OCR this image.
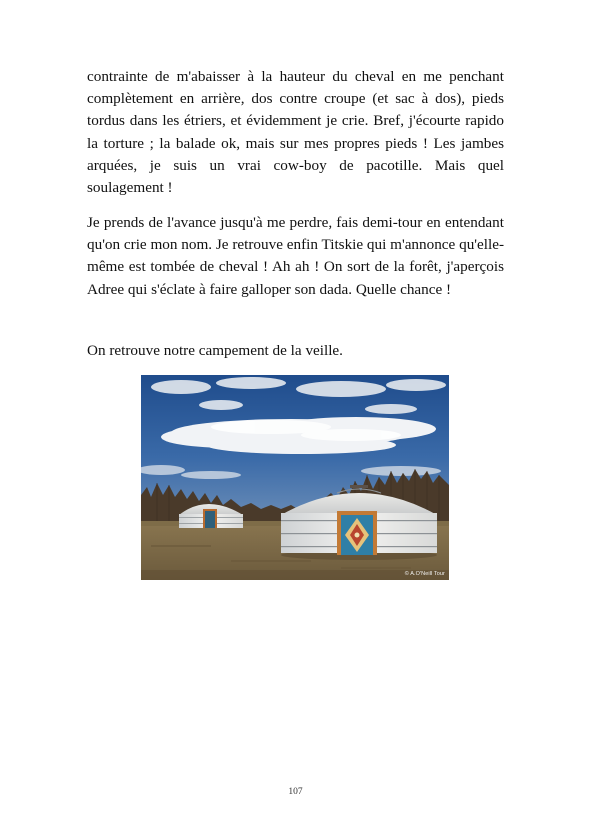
contrainte de m'abaisser à la hauteur du cheval en me penchant complètement en arrière, dos contre croupe (et sac à dos), pieds tordus dans les étriers, et évidemment je crie. Bref, j'écourte rapido la torture ; la balade ok, mais sur mes propres pieds ! Les jambes arquées, je suis un vrai cow-boy de pacotille. Mais quel soulagement !

Je prends de l'avance jusqu'à me perdre, fais demi-tour en entendant qu'on crie mon nom. Je retrouve enfin Titskie qui m'annonce qu'elle-même est tombée de cheval ! Ah ah ! On sort de la forêt, j'aperçois Adree qui s'éclate à faire galloper son dada. Quelle chance !

On retrouve notre campement de la veille.

© A.O'Neill Tour
107
